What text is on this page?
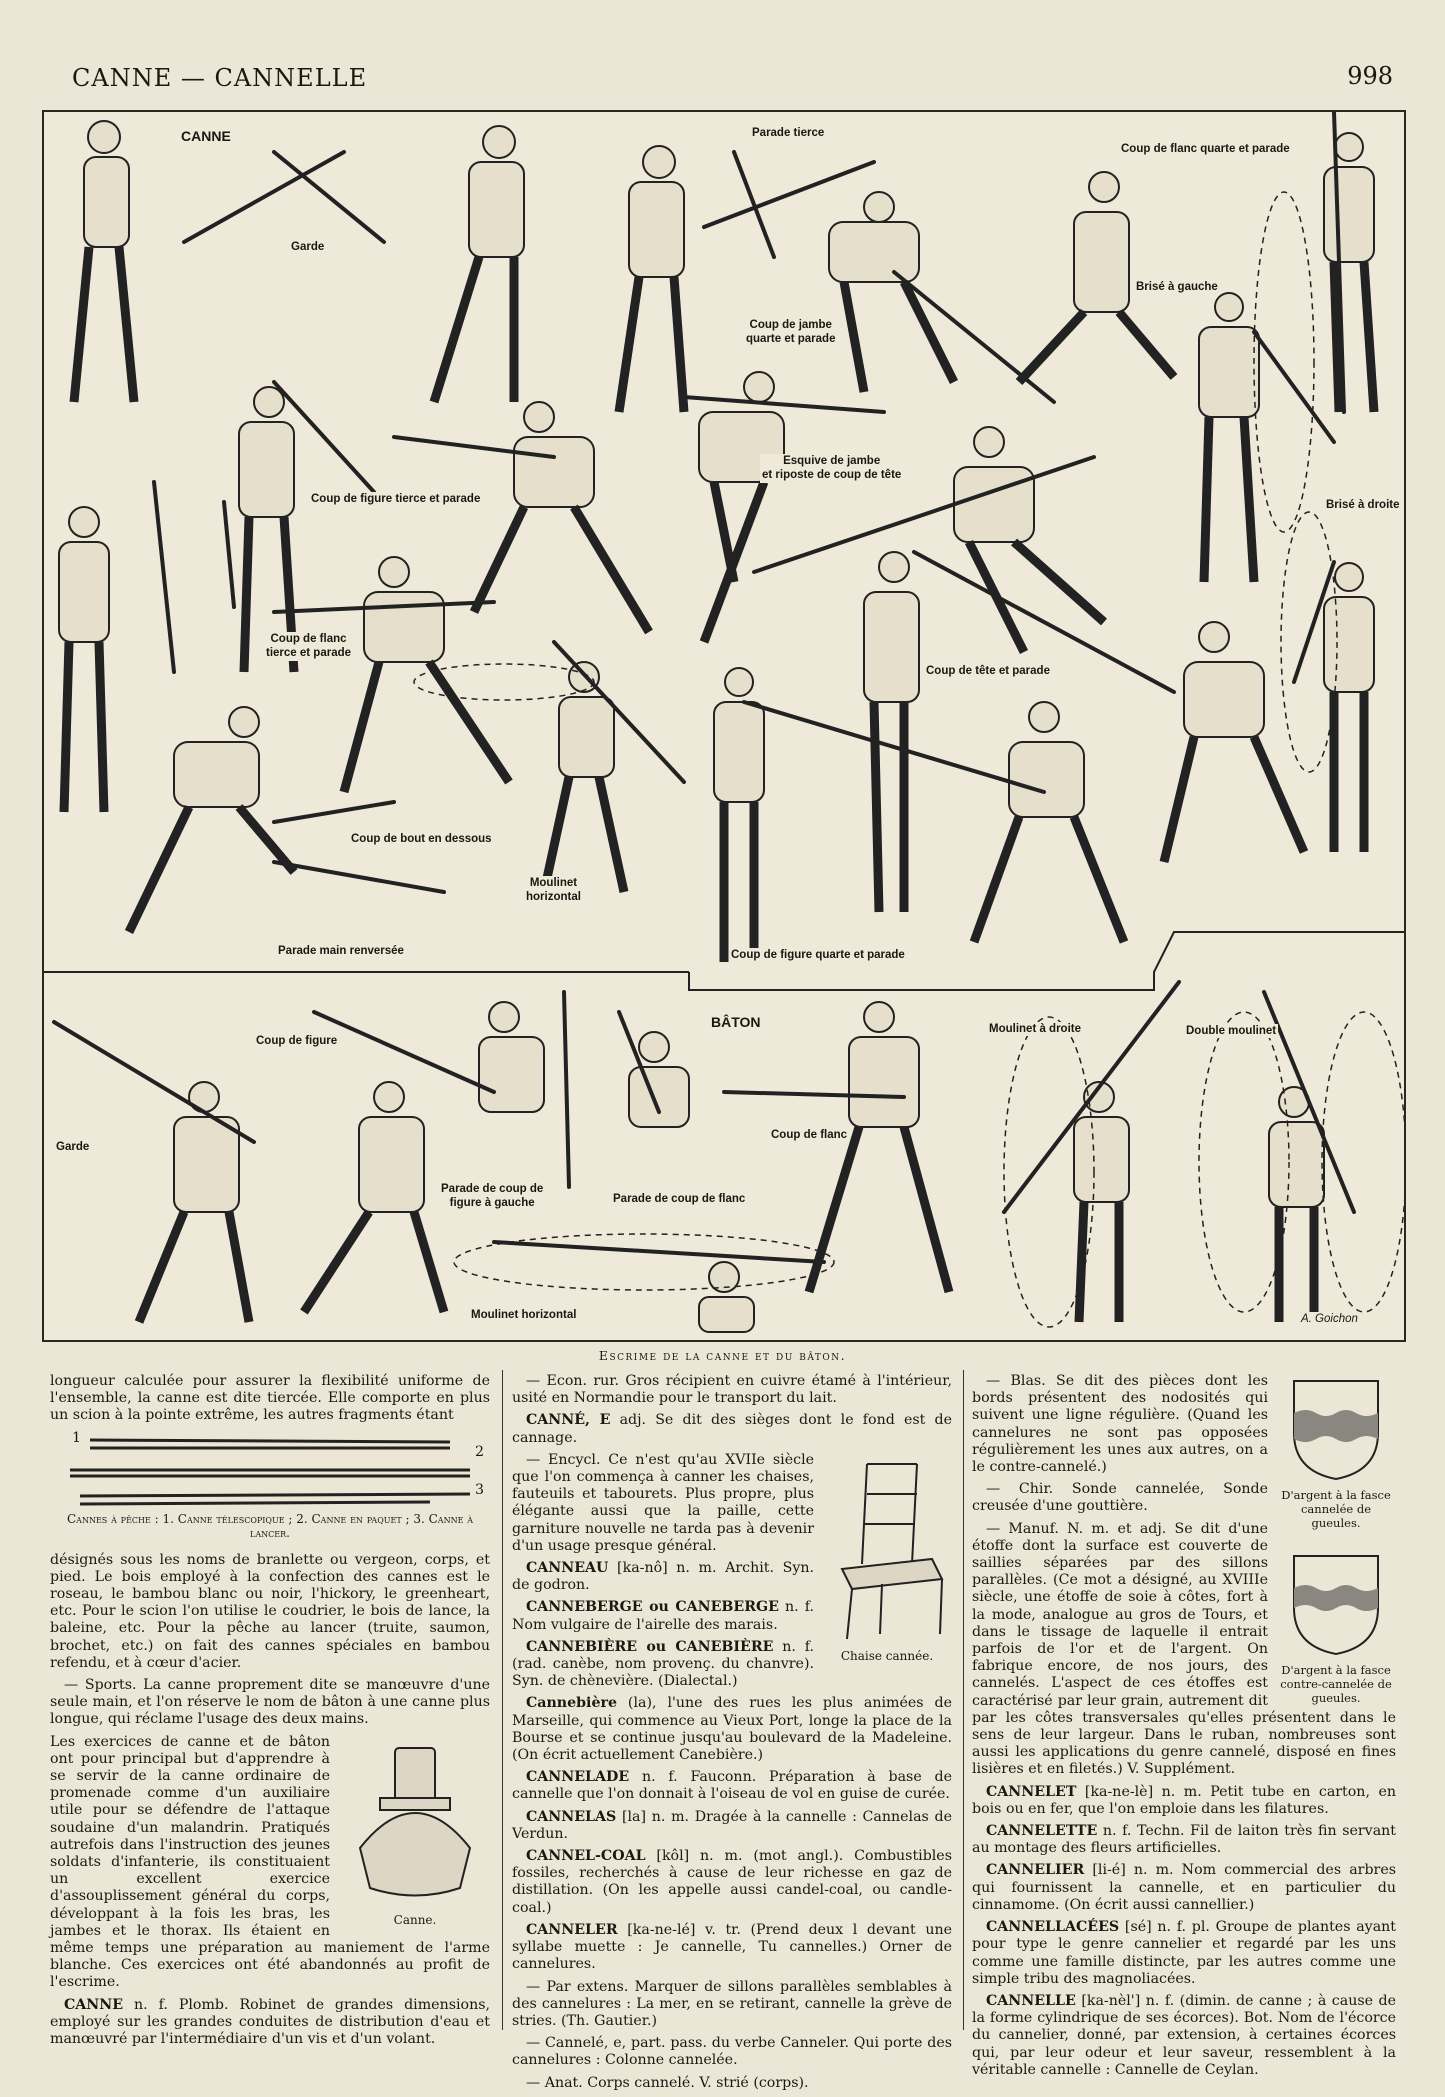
CANNE — CANNELLE	998
CANNE
Garde
Parade tierce
Coup de flanc quarte et parade
Brisé à gauche
Coup de jambe
quarte et parade
Esquive de jambe
et riposte de coup de tête
Brisé à droite
Coup de figure tierce et parade
Coup de flanc
tierce et parade
Coup de tête et parade
Coup de bout en dessous
Moulinet
horizontal
Parade main renversée	Coup de figure quarte et parade
BÂTON
Garde
Coup de figure
Parade de coup de
figure à gauche	Parade de coup de flanc
Coup de flanc
Moulinet à droite	Double moulinet
Moulinet horizontal	A. Goichon
Escrime de la canne et du bâton.

longueur calculée pour assurer la flexibilité uniforme de l'ensemble, la canne est dite tiercée. Elle comporte en plus un scion à la pointe extrême, les autres fragments étant

1
2
3
Cannes à pêche : 1. Canne télescopique ; 2. Canne en paquet ; 3. Canne à lancer.

désignés sous les noms de branlette ou vergeon, corps, et pied. Le bois employé à la confection des cannes est le roseau, le bambou blanc ou noir, l'hickory, le greenheart, etc. Pour le scion l'on utilise le coudrier, le bois de lance, la baleine, etc. Pour la pêche au lancer (truite, saumon, brochet, etc.) on fait des cannes spéciales en bambou refendu, et à cœur d'acier.

— Sports. La canne proprement dite se manœuvre d'une seule main, et l'on réserve le nom de bâton à une canne plus longue, qui réclame l'usage des deux mains.

Canne.

Les exercices de canne et de bâton ont pour principal but d'apprendre à se servir de la canne ordinaire de promenade comme d'un auxiliaire utile pour se défendre de l'attaque soudaine d'un malandrin. Pratiqués autrefois dans l'instruction des jeunes soldats d'infanterie, ils constituaient un excellent exercice d'assouplissement général du corps, développant à la fois les bras, les jambes et le thorax. Ils étaient en même temps une préparation au maniement de l'arme blanche. Ces exercices ont été abandonnés au profit de l'escrime.

CANNE n. f. Plomb. Robinet de grandes dimensions, employé sur les grandes conduites de distribution d'eau et manœuvré par l'intermédiaire d'un vis et d'un volant.

— Econ. rur. Gros récipient en cuivre étamé à l'intérieur, usité en Normandie pour le transport du lait.

CANNÉ, E adj. Se dit des sièges dont le fond est de cannage.

Chaise cannée.

— Encycl. Ce n'est qu'au XVIIe siècle que l'on commença à canner les chaises, fauteuils et tabourets. Plus propre, plus élégante aussi que la paille, cette garniture nouvelle ne tarda pas à devenir d'un usage presque général.

CANNEAU [ka-nô] n. m. Archit. Syn. de godron.

CANNEBERGE ou CANEBERGE n. f. Nom vulgaire de l'airelle des marais.

CANNEBIÈRE ou CANEBIÈRE n. f. (rad. canèbe, nom provenç. du chanvre). Syn. de chènevière. (Dialectal.)

Cannebière (la), l'une des rues les plus animées de Marseille, qui commence au Vieux Port, longe la place de la Bourse et se continue jusqu'au boulevard de la Madeleine. (On écrit actuellement Canebière.)

CANNELADE n. f. Fauconn. Préparation à base de cannelle que l'on donnait à l'oiseau de vol en guise de curée.

CANNELAS [la] n. m. Dragée à la cannelle : Cannelas de Verdun.

CANNEL-COAL [kôl] n. m. (mot angl.). Combustibles fossiles, recherchés à cause de leur richesse en gaz de distillation. (On les appelle aussi candel-coal, ou candle-coal.)

CANNELER [ka-ne-lé] v. tr. (Prend deux l devant une syllabe muette : Je cannelle, Tu cannelles.) Orner de cannelures.

— Par extens. Marquer de sillons parallèles semblables à des cannelures : La mer, en se retirant, cannelle la grève de stries. (Th. Gautier.)

— Cannelé, e, part. pass. du verbe Canneler. Qui porte des cannelures : Colonne cannelée.

— Anat. Corps cannelé. V. strié (corps).

D'argent à la fasce cannelée de gueules.
D'argent à la fasce contre-cannelée de gueules.

— Blas. Se dit des pièces dont les bords présentent des nodosités qui suivent une ligne régulière. (Quand les cannelures ne sont pas opposées régulièrement les unes aux autres, on a le contre-cannelé.)

— Chir. Sonde cannelée, Sonde creusée d'une gouttière.

— Manuf. N. m. et adj. Se dit d'une étoffe dont la surface est couverte de saillies séparées par des sillons parallèles. (Ce mot a désigné, au XVIIIe siècle, une étoffe de soie à côtes, fort à la mode, analogue au gros de Tours, et dans le tissage de laquelle il entrait parfois de l'or et de l'argent. On fabrique encore, de nos jours, des cannelés. L'aspect de ces étoffes est caractérisé par leur grain, autrement dit par les côtes transversales qu'elles présentent dans le sens de leur largeur. Dans le ruban, nombreuses sont aussi les applications du genre cannelé, disposé en fines lisières et en filetés.) V. Supplément.

CANNELET [ka-ne-lè] n. m. Petit tube en carton, en bois ou en fer, que l'on emploie dans les filatures.

CANNELETTE n. f. Techn. Fil de laiton très fin servant au montage des fleurs artificielles.

CANNELIER [li-é] n. m. Nom commercial des arbres qui fournissent la cannelle, et en particulier du cinnamome. (On écrit aussi cannellier.)

CANNELLACÉES [sé] n. f. pl. Groupe de plantes ayant pour type le genre cannelier et regardé par les uns comme une famille distincte, par les autres comme une simple tribu des magnoliacées.

CANNELLE [ka-nèl'] n. f. (dimin. de canne ; à cause de la forme cylindrique de ses écorces). Bot. Nom de l'écorce du cannelier, donné, par extension, à certaines écorces qui, par leur odeur et leur saveur, ressemblent à la véritable cannelle : Cannelle de Ceylan.
